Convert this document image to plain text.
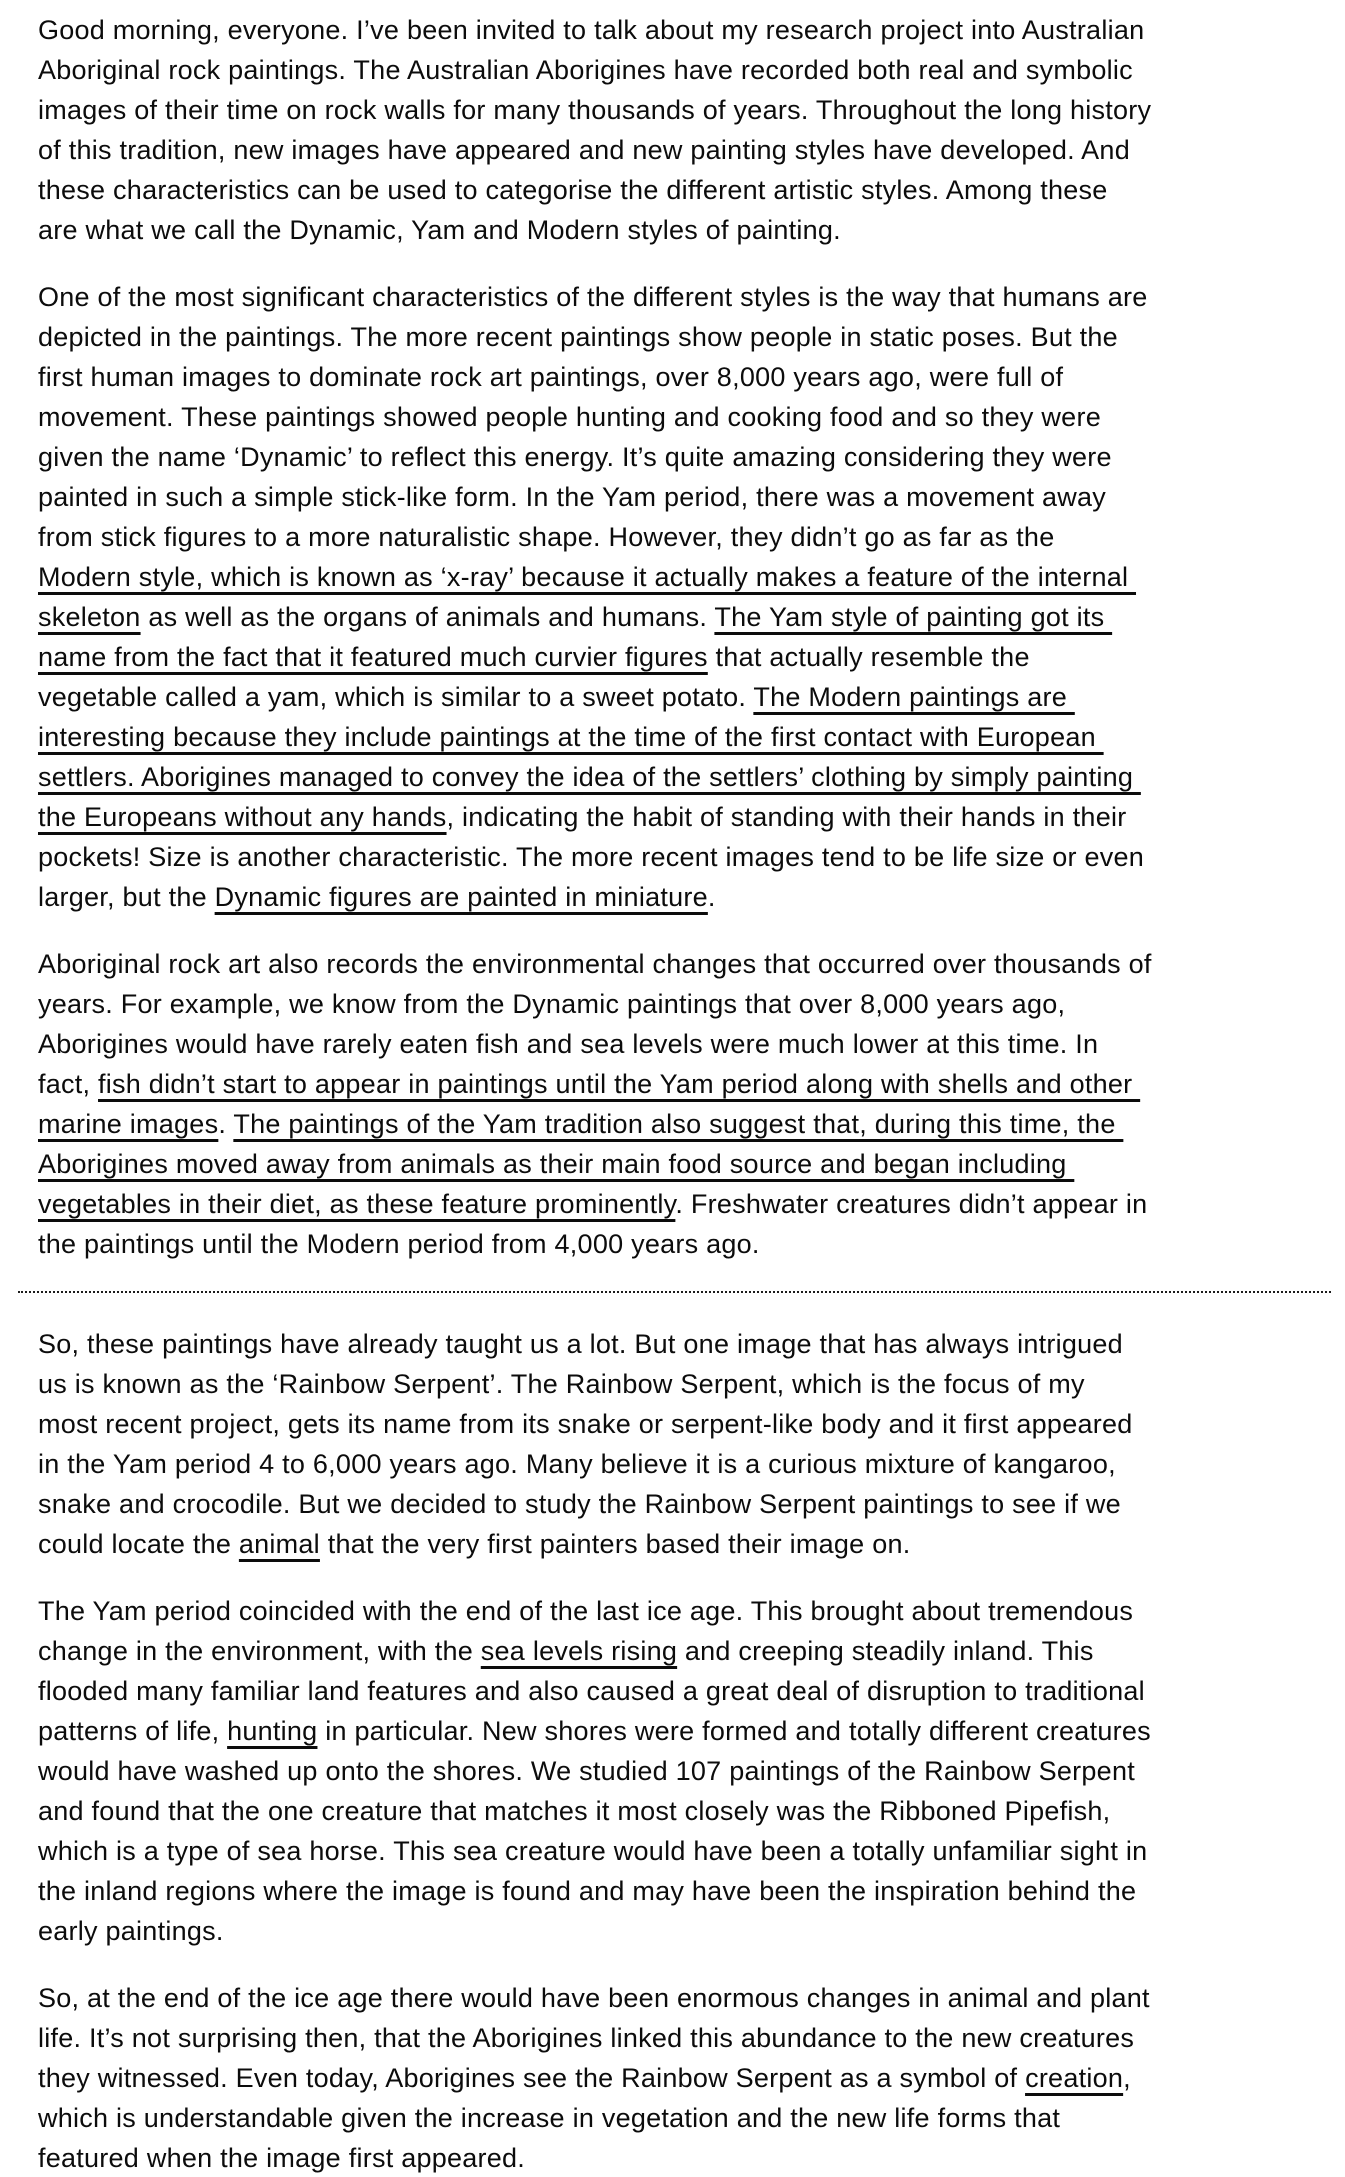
Good morning, everyone. I’ve been invited to talk about my research project into Australian
Aboriginal rock paintings. The Australian Aborigines have recorded both real and symbolic
images of their time on rock walls for many thousands of years. Throughout the long history
of this tradition, new images have appeared and new painting styles have developed. And
these characteristics can be used to categorise the different artistic styles. Among these
are what we call the Dynamic, Yam and Modern styles of painting.
One of the most significant characteristics of the different styles is the way that humans are
depicted in the paintings. The more recent paintings show people in static poses. But the
first human images to dominate rock art paintings, over 8,000 years ago, were full of
movement. These paintings showed people hunting and cooking food and so they were
given the name ‘Dynamic’ to reflect this energy. It’s quite amazing considering they were
painted in such a simple stick-like form. In the Yam period, there was a movement away
from stick figures to a more naturalistic shape. However, they didn’t go as far as the
Modern style, which is known as ‘x-ray’ because it actually makes a feature of the internal
skeleton as well as the organs of animals and humans. The Yam style of painting got its
name from the fact that it featured much curvier figures that actually resemble the
vegetable called a yam, which is similar to a sweet potato. The Modern paintings are
interesting because they include paintings at the time of the first contact with European
settlers. Aborigines managed to convey the idea of the settlers’ clothing by simply painting
the Europeans without any hands, indicating the habit of standing with their hands in their
pockets! Size is another characteristic. The more recent images tend to be life size or even
larger, but the Dynamic figures are painted in miniature.
Aboriginal rock art also records the environmental changes that occurred over thousands of
years. For example, we know from the Dynamic paintings that over 8,000 years ago,
Aborigines would have rarely eaten fish and sea levels were much lower at this time. In
fact, fish didn’t start to appear in paintings until the Yam period along with shells and other
marine images. The paintings of the Yam tradition also suggest that, during this time, the
Aborigines moved away from animals as their main food source and began including
vegetables in their diet, as these feature prominently. Freshwater creatures didn’t appear in
the paintings until the Modern period from 4,000 years ago.
So, these paintings have already taught us a lot. But one image that has always intrigued
us is known as the ‘Rainbow Serpent’. The Rainbow Serpent, which is the focus of my
most recent project, gets its name from its snake or serpent-like body and it first appeared
in the Yam period 4 to 6,000 years ago. Many believe it is a curious mixture of kangaroo,
snake and crocodile. But we decided to study the Rainbow Serpent paintings to see if we
could locate the animal that the very first painters based their image on.
The Yam period coincided with the end of the last ice age. This brought about tremendous
change in the environment, with the sea levels rising and creeping steadily inland. This
flooded many familiar land features and also caused a great deal of disruption to traditional
patterns of life, hunting in particular. New shores were formed and totally different creatures
would have washed up onto the shores. We studied 107 paintings of the Rainbow Serpent
and found that the one creature that matches it most closely was the Ribboned Pipefish,
which is a type of sea horse. This sea creature would have been a totally unfamiliar sight in
the inland regions where the image is found and may have been the inspiration behind the
early paintings.
So, at the end of the ice age there would have been enormous changes in animal and plant
life. It’s not surprising then, that the Aborigines linked this abundance to the new creatures
they witnessed. Even today, Aborigines see the Rainbow Serpent as a symbol of creation,
which is understandable given the increase in vegetation and the new life forms that
featured when the image first appeared.
